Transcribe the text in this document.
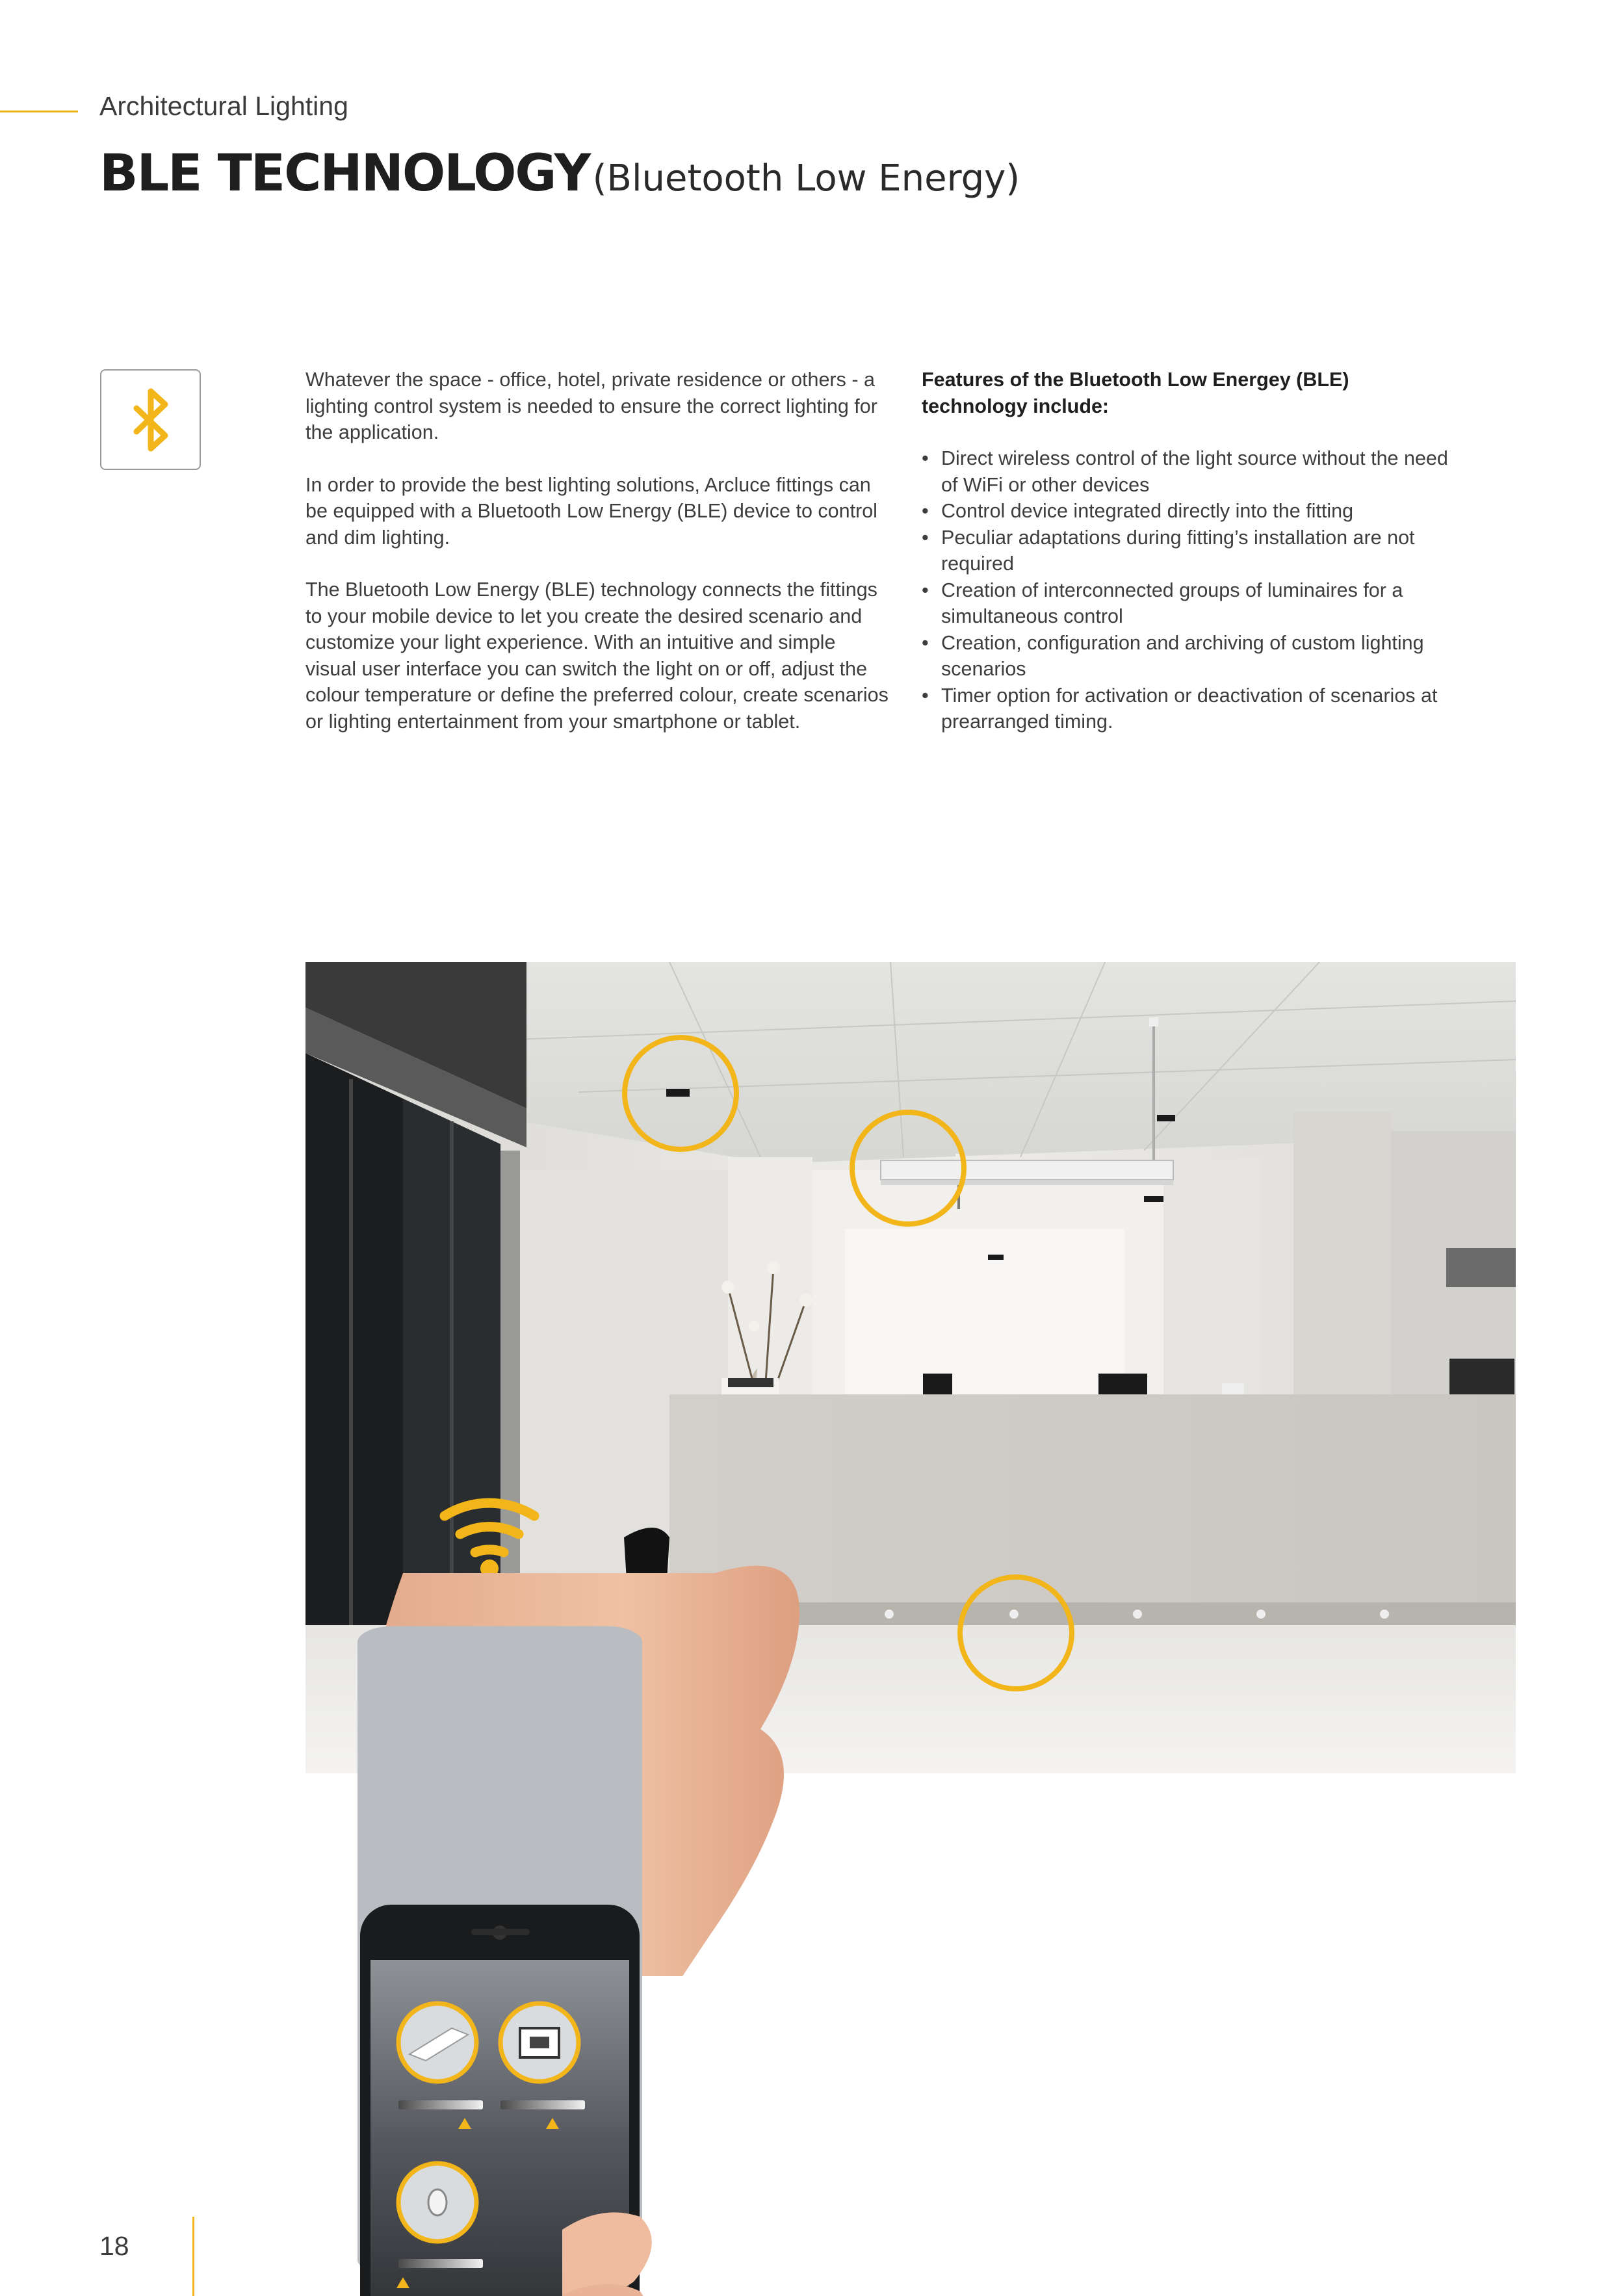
Architectural Lighting
BLE TECHNOLOGY (Bluetooth Low Energy)

Whatever the space - office, hotel, private residence or others - a lighting control system is needed to ensure the correct lighting for the application.

In order to provide the best lighting solutions, Arcluce fittings can be equipped with a Bluetooth Low Energy (BLE) device to control and dim lighting.

The Bluetooth Low Energy (BLE) technology connects the fittings to your mobile device to let you create the desired scenario and customize your light experience. With an intuitive and simple visual user interface you can switch the light on or off, adjust the colour temperature or define the preferred colour, create scenarios or lighting entertainment from your smartphone or tablet.

Features of the Bluetooth Low Energey (BLE) technology include:

• Direct wireless control of the light source without the need of WiFi or other devices
• Control device integrated directly into the fitting
• Peculiar adaptations during fitting’s installation are not required
• Creation of interconnected groups of luminaires for a simultaneous control
• Creation, configuration and archiving of custom lighting scenarios
• Timer option for activation or deactivation of scenarios at prearranged timing.
18
